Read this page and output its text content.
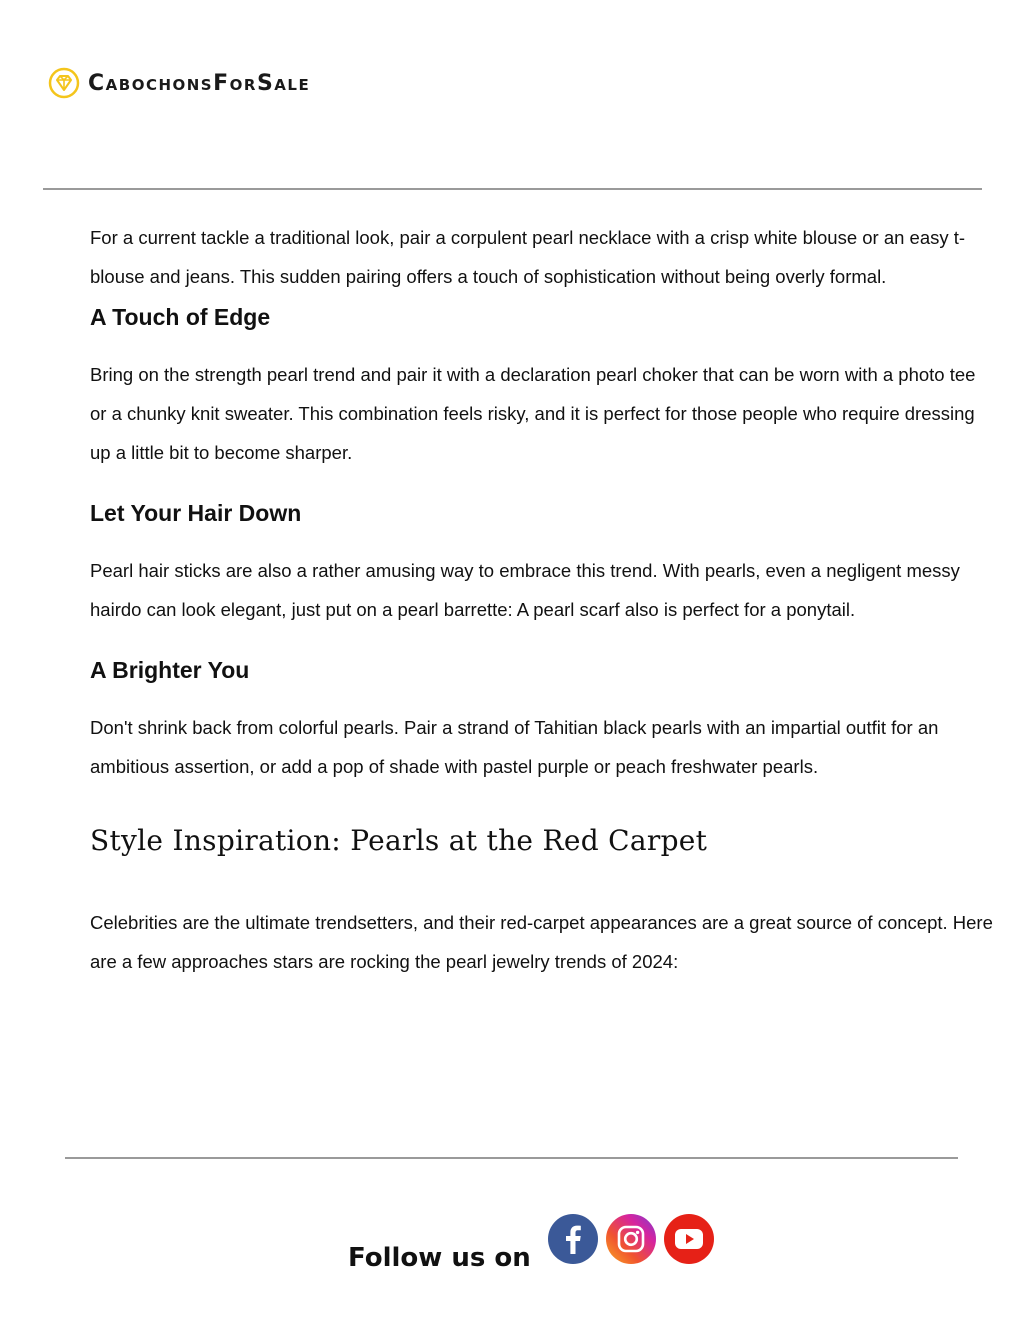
CabochonsForSale

For a current tackle a traditional look, pair a corpulent pearl necklace with a crisp white blouse or an easy t-blouse and jeans. This sudden pairing offers a touch of sophistication without being overly formal.

A Touch of Edge

Bring on the strength pearl trend and pair it with a declaration pearl choker that can be worn with a photo tee or a chunky knit sweater. This combination feels risky, and it is perfect for those people who require dressing up a little bit to become sharper.

Let Your Hair Down

Pearl hair sticks are also a rather amusing way to embrace this trend. With pearls, even a negligent messy hairdo can look elegant, just put on a pearl barrette: A pearl scarf also is perfect for a ponytail.

A Brighter You

Don't shrink back from colorful pearls. Pair a strand of Tahitian black pearls with an impartial outfit for an ambitious assertion, or add a pop of shade with pastel purple or peach freshwater pearls.

Style Inspiration: Pearls at the Red Carpet

Celebrities are the ultimate trendsetters, and their red-carpet appearances are a great source of concept. Here are a few approaches stars are rocking the pearl jewelry trends of 2024:

Follow us on
